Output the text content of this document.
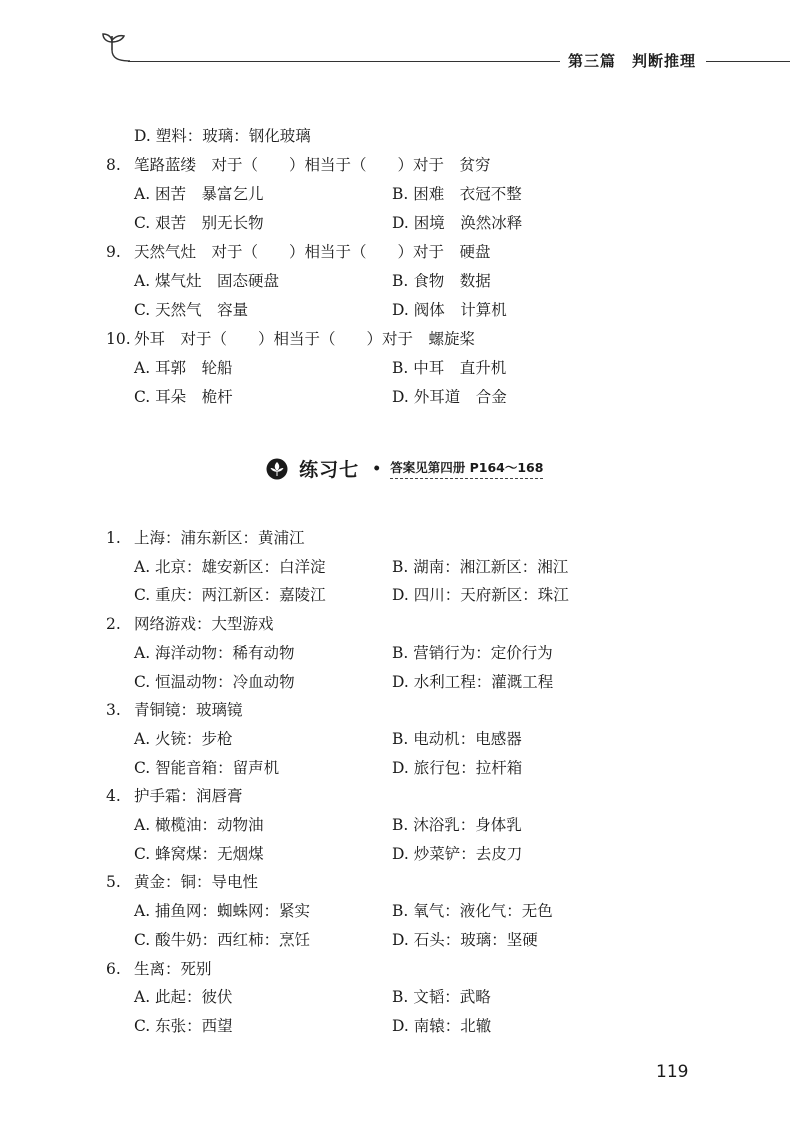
第三篇　判断推理
D. 塑料：玻璃：钢化玻璃
8. 笔路蓝缕　对于（　　）相当于（　　）对于　贫穷
A. 困苦　暴富乞儿	B. 困难　衣冠不整
C. 艰苦　别无长物	D. 困境　涣然冰释
9. 天然气灶　对于（　　）相当于（　　）对于　硬盘
A. 煤气灶　固态硬盘	B. 食物　数据
C. 天然气　容量	D. 阀体　计算机
10. 外耳　对于（　　）相当于（　　）对于　螺旋桨
A. 耳郭　轮船	B. 中耳　直升机
C. 耳朵　桅杆	D. 外耳道　合金
练习七 • 答案见第四册 P164～168
1. 上海：浦东新区：黄浦江
A. 北京：雄安新区：白洋淀	B. 湖南：湘江新区：湘江
C. 重庆：两江新区：嘉陵江	D. 四川：天府新区：珠江
2. 网络游戏：大型游戏
A. 海洋动物：稀有动物	B. 营销行为：定价行为
C. 恒温动物：冷血动物	D. 水利工程：灌溉工程
3. 青铜镜：玻璃镜
A. 火铳：步枪	B. 电动机：电感器
C. 智能音箱：留声机	D. 旅行包：拉杆箱
4. 护手霜：润唇膏
A. 橄榄油：动物油	B. 沐浴乳：身体乳
C. 蜂窝煤：无烟煤	D. 炒菜铲：去皮刀
5. 黄金：铜：导电性
A. 捕鱼网：蜘蛛网：紧实	B. 氧气：液化气：无色
C. 酸牛奶：西红柿：烹饪	D. 石头：玻璃：坚硬
6. 生离：死别
A. 此起：彼伏	B. 文韬：武略
C. 东张：西望	D. 南辕：北辙
119
